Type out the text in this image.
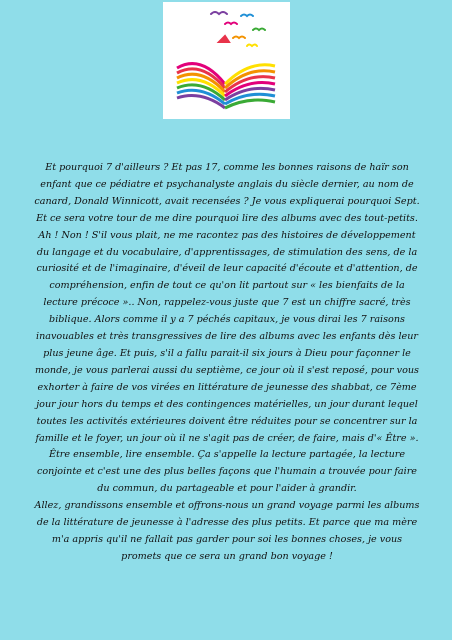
Et pourquoi 7 d'ailleurs ? Et pas 17, comme les bonnes raisons de haïr son enfant que ce pédiatre et psychanalyste anglais du siècle dernier, au nom de canard, Donald Winnicott, avait recensées ? Je vous expliquerai pourquoi Sept. Et ce sera votre tour de me dire pourquoi lire des albums avec des tout-petits. Ah ! Non ! S'il vous plait, ne me racontez pas des histoires de développement du langage et du vocabulaire, d'apprentissages, de stimulation des sens, de la curiosité et de l'imaginaire, d'éveil de leur capacité d'écoute et d'attention, de compréhension, enfin de tout ce qu'on lit partout sur « les bienfaits de la lecture précoce ».. Non, rappelez-vous juste que 7 est un chiffre sacré, très biblique. Alors comme il y a 7 péchés capitaux, je vous dirai les 7 raisons inavouables et très transgressives de lire des albums avec les enfants dès leur plus jeune âge. Et puis, s'il a fallu parait-il six jours à Dieu pour façonner le monde, je vous parlerai aussi du septième, ce jour où il s'est reposé, pour vous exhorter à faire de vos virées en littérature de jeunesse des shabbat, ce 7ème jour jour hors du temps et des contingences matérielles, un jour durant lequel toutes les activités extérieures doivent être réduites pour se concentrer sur la famille et le foyer, un jour où il ne s'agit pas de créer, de faire, mais d'« Être ». Être ensemble, lire ensemble. Ça s'appelle la lecture partagée, la lecture conjointe et c'est une des plus belles façons que l'humain a trouvée pour faire du commun, du partageable et pour l'aider à grandir.

Allez, grandissons ensemble et offrons-nous un grand voyage parmi les albums de la littérature de jeunesse à l'adresse des plus petits. Et parce que ma mère m'a appris qu'il ne fallait pas garder pour soi les bonnes choses, je vous promets que ce sera un grand bon voyage !
